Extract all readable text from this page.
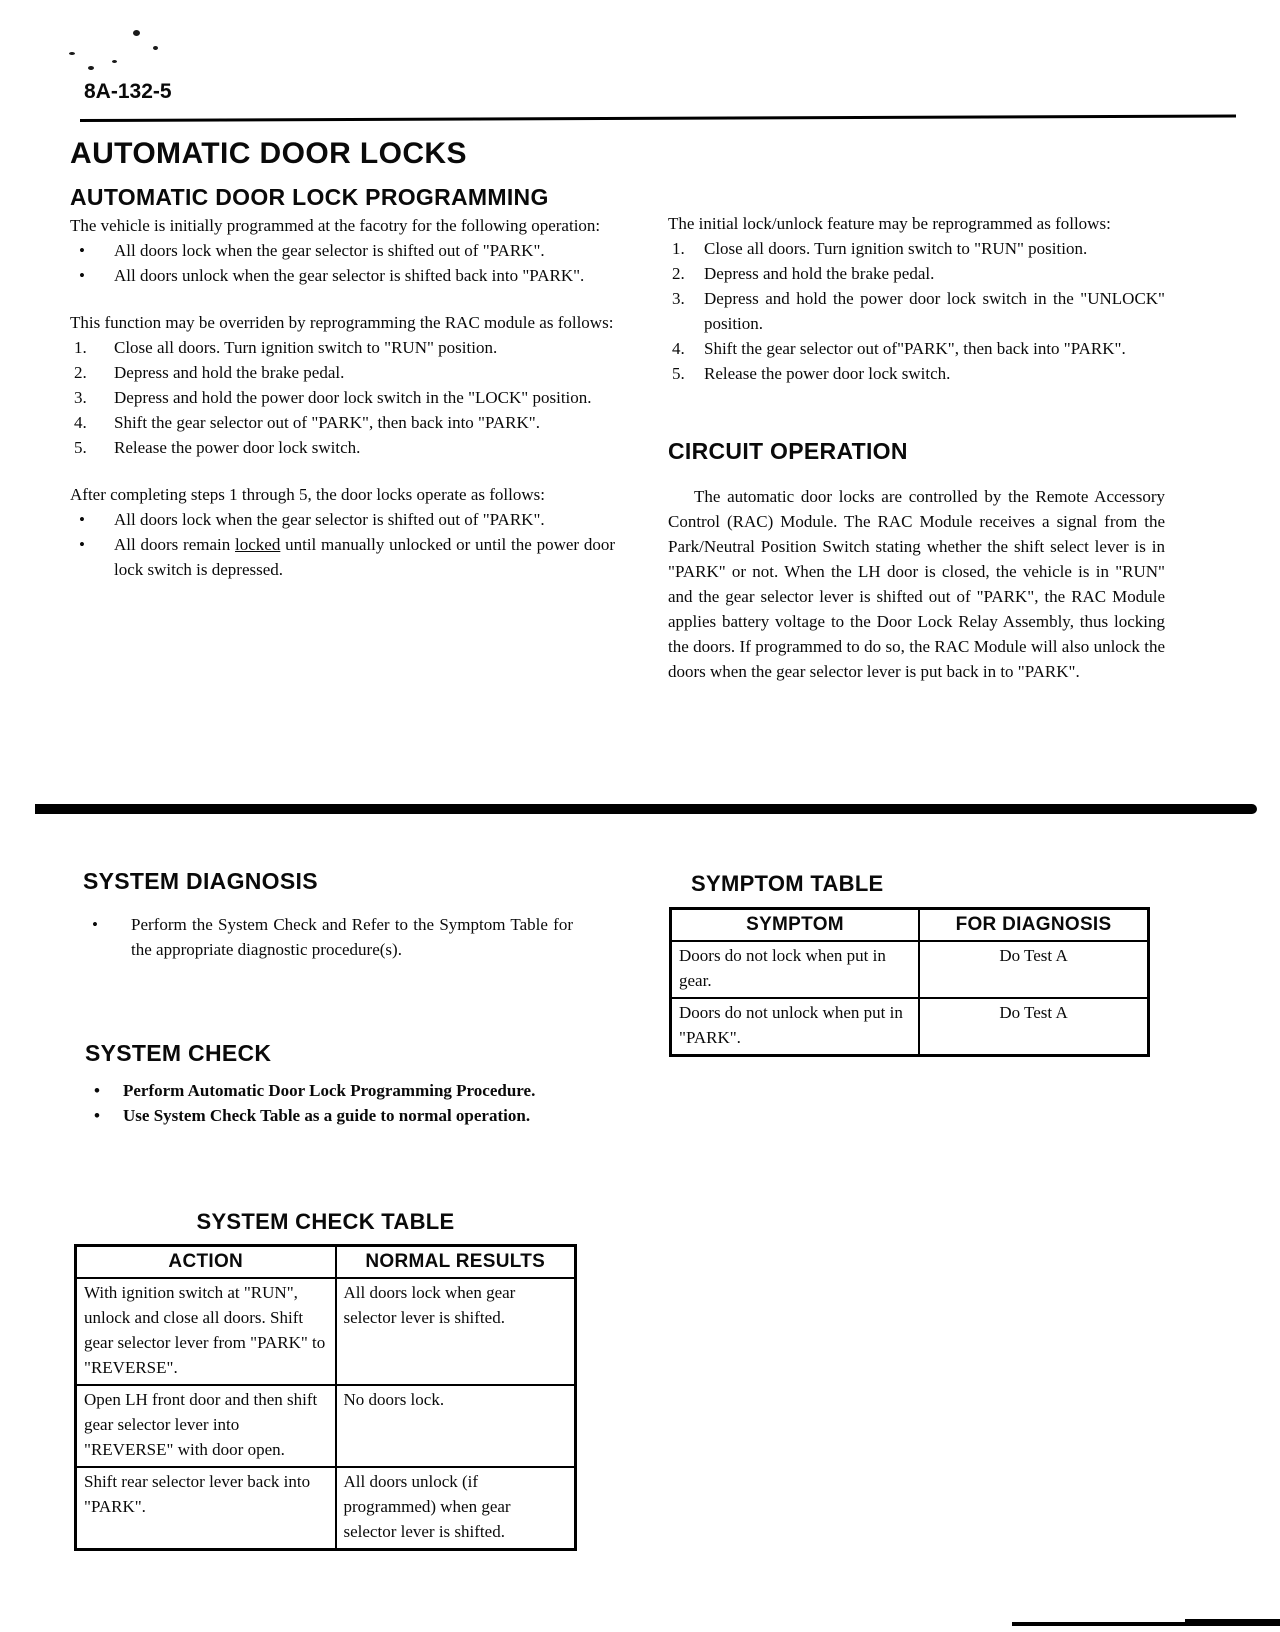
8A-132-5
AUTOMATIC DOOR LOCKS
AUTOMATIC DOOR LOCK PROGRAMMING

The vehicle is initially programmed at the facotry for the following operation:

• All doors lock when the gear selector is shifted out of "PARK".
• All doors unlock when the gear selector is shifted back into "PARK".

This function may be overriden by reprogramming the RAC module as follows:

Close all doors. Turn ignition switch to "RUN" position.
Depress and hold the brake pedal.
Depress and hold the power door lock switch in the "LOCK" position.
Shift the gear selector out of "PARK", then back into "PARK".
Release the power door lock switch.

After completing steps 1 through 5, the door locks operate as follows:

• All doors lock when the gear selector is shifted out of "PARK".
• All doors remain locked until manually unlocked or until the power door lock switch is depressed.

The initial lock/unlock feature may be reprogrammed as follows:

Close all doors. Turn ignition switch to "RUN" position.
Depress and hold the brake pedal.
Depress and hold the power door lock switch in the "UNLOCK" position.
Shift the gear selector out of"PARK", then back into "PARK".
Release the power door lock switch.
CIRCUIT OPERATION

The automatic door locks are controlled by the Remote Accessory Control (RAC) Module. The RAC Module receives a signal from the Park/Neutral Position Switch stating whether the shift select lever is in "PARK" or not. When the LH door is closed, the vehicle is in "RUN" and the gear selector lever is shifted out of "PARK", the RAC Module applies battery voltage to the Door Lock Relay Assembly, thus locking the doors. If programmed to do so, the RAC Module will also unlock the doors when the gear selector lever is put back in to "PARK".

SYSTEM DIAGNOSIS
• Perform the System Check and Refer to the Symptom Table for the appropriate diagnostic procedure(s).
SYMPTOM TABLE
SYMPTOM	FOR DIAGNOSIS
Doors do not lock when put in gear.	Do Test A
Doors do not unlock when put in "PARK".	Do Test A
SYSTEM CHECK
• Perform Automatic Door Lock Programming Procedure.
• Use System Check Table as a guide to normal operation.
SYSTEM CHECK TABLE
ACTION	NORMAL RESULTS
With ignition switch at "RUN", unlock and close all doors. Shift gear selector lever from "PARK" to "REVERSE".	All doors lock when gear selector lever is shifted.
Open LH front door and then shift gear selector lever into "REVERSE" with door open.	No doors lock.
Shift rear selector lever back into "PARK".	All doors unlock (if programmed) when gear selector lever is shifted.
